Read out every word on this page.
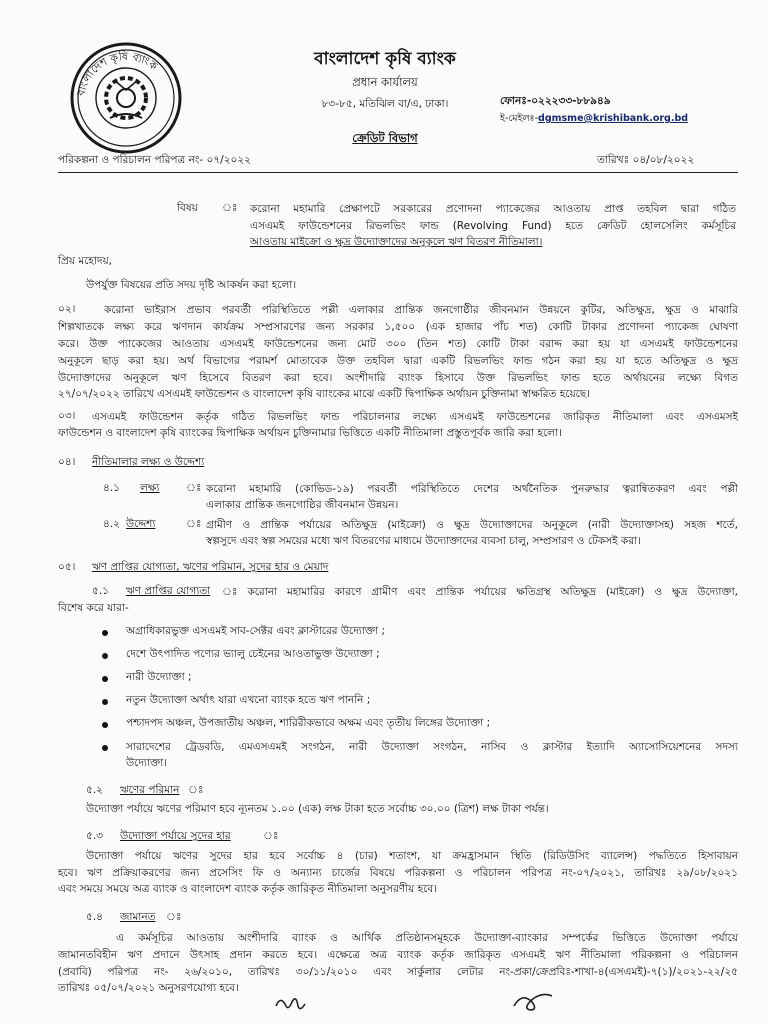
বাংলাদেশ কৃষি ব্যাংক	বাংলাদেশ কৃষি ব্যাংক
প্রধান কার্যালয়
৮৩-৮৫, মতিঝিল বা/এ, ঢাকা।	ফোনঃ-০২২২৩৩-৮৮৯৪৯
ই-মেইলঃ-dgmsme@krishibank.org.bd
ক্রেডিট বিভাগ
পরিকল্পনা ও পরিচালন পরিপত্র নং- ০৭/২০২২	তারিখঃ ০৪/০৮/২০২২
বিষয় ঃ করোনা মহামারি প্রেক্ষাপটে সরকারের প্রণোদনা প্যাকেজের আওতায় প্রাপ্ত তহবিল দ্বারা গঠিত
এসএমই ফাউন্ডেশনের রিভলভিং ফান্ড (Revolving Fund) হতে ক্রেডিট হোলসেলিং কর্মসূচির
আওতায় মাইক্রো ও ক্ষুদ্র উদ্যোক্তাদের অনুকূলে ঋণ বিতরণ নীতিমালা।
প্রিয় মহোদয়,
উপর্যুক্ত বিষয়ের প্রতি সদয় দৃষ্টি আকর্ষন করা হলো।
০২।	করোনা ভাইরাস প্রভাব পরবর্তী পরিস্থিতিতে পল্লী এলাকার প্রান্তিক জনগোষ্ঠীর জীবনমান উন্নয়নে কুটির, অতিক্ষুদ্র, ক্ষুদ্র ও মাঝারি
শিল্পখাতকে লক্ষ্য করে ঋণদান কার্যক্রম সম্প্রসারণের জন্য সরকার ১,৫০০ (এক হাজার পাঁচ শত) কোটি টাকার প্রণোদনা প্যাকেজ ঘোষণা
করে। উক্ত প্যাকেজের আওতায় এসএমই ফাউন্ডেশনের জন্য মোট ৩০০ (তিন শত) কোটি টাকা বরাদ্দ করা হয় যা এসএমই ফাউন্ডেশনের
অনুকূলে ছাড় করা হয়। অর্থ বিভাগের পরামর্শ মোতাবেক উক্ত তহবিল দ্বারা একটি রিভলভিং ফান্ড গঠন করা হয় যা হতে অতিক্ষুদ্র ও ক্ষুদ্র
উদ্যোক্তাদের অনুকূলে ঋণ হিসেবে বিতরণ করা হবে। অংশীদারি ব্যাংক হিসাবে উক্ত রিভলভিং ফান্ড হতে অর্থায়নের লক্ষ্যে বিগত
২৭/০৭/২০২২ তারিখে এসএমই ফাউন্ডেশন ও বাংলাদেশ কৃষি ব্যাংকের মাঝে একটি দ্বিপাক্ষিক অর্থায়ন চুক্তিনামা স্বাক্ষরিত হয়েছে।
০৩। এসএমই ফাউন্ডেশন কর্তৃক গঠিত রিভলভিং ফান্ড পরিচালনার লক্ষ্যে এসএমই ফাউন্ডেশনের জারিকৃত নীতিমালা এবং এসএমসই
ফাউন্ডেশন ও বাংলাদেশ কৃষি ব্যাংকের দ্বিপাক্ষিক অর্থায়ন চুক্তিনামার ভিত্তিতে একটি নীতিমালা প্রস্তুতপূর্বক জারি করা হলো।
০৪। নীতিমালার লক্ষ্য ও উদ্দেশ্য
৪.১ লক্ষ্য	ঃ করোনা মহামারি (কোভিড-১৯) পরবর্তী পরিস্থিতিতে দেশের অর্থনৈতিক পুনরুদ্ধার ত্বরান্বিতকরণ এবং পল্লী
এলাকার প্রান্তিক জনগোষ্ঠির জীবনমান উন্নয়ন।
৪.২ উদ্দেশ্য	ঃ গ্রামীণ ও প্রান্তিক পর্যায়ের অতিক্ষুদ্র (মাইক্রো) ও ক্ষুদ্র উদ্যোক্তাদের অনুকূলে (নারী উদ্যোক্তাসহ) সহজ শর্তে,
স্বল্পসুদে এবং স্বল্প সময়ের মধ্যে ঋণ বিতরণের মাধ্যমে উদ্যোক্তাদের ব্যবসা চালু, সম্প্রসারণ ও টেকসই করা।
০৫। ঋণ প্রাপ্তির যোগ্যতা, ঋণের পরিমান, সুদের হার ও মেয়াদ
৫.১ ঋণ প্রাপ্তির যোগ্যতা ঃ করোনা মহামারির কারণে গ্রামীণ এবং প্রান্তিক পর্যায়ের ক্ষতিগ্রস্থ অতিক্ষুদ্র (মাইক্রো) ও ক্ষুদ্র উদ্যোক্তা,
বিশেষ করে যারা-
অগ্রাধিকারভুক্ত এসএমই সাব-সেক্টর এবং ক্লাস্টারের উদ্যোক্তা ;
দেশে উৎপাদিত পণ্যের ভ্যালু চেইনের আওতাভুক্ত উদ্যোক্তা ;
নারী উদ্যোক্তা ;
নতুন উদ্যোক্তা অর্থাৎ যারা এখনো ব্যাংক হতে ঋণ পাননি ;
পশ্চাদপদ অঞ্চল, উপজাতীয় অঞ্চল, শারিরীকভাবে অক্ষম এবং তৃতীয় লিঙ্গের উদ্যোক্তা ;
সারাদেশের ট্রেডবডি, এমএসএমই সংগঠন, নারী উদ্যোক্তা সংগঠন, নাসিব ও ক্লাস্টার ইত্যাদি অ্যাসোসিয়েশনের সদস্য
উদ্যোক্তা।
৫.২ ঋণের পরিমান ঃ
উদ্যোক্তা পর্যায়ে ঋণের পরিমাণ হবে ন্যূনতম ১.০০ (এক) লক্ষ টাকা হতে সর্বোচ্চ ৩০.০০ (ত্রিশ) লক্ষ টাকা পর্যন্ত।
৫.৩ উদ্যোক্তা পর্যায়ে সুদের হার	ঃ
উদ্যোক্তা পর্যায়ে ঋণের সুদের হার হবে সর্বোচ্চ ৪ (চার) শতাংশ, যা ক্রমহ্রাসমান স্থিতি (রিডিউসিং ব্যালেন্স) পদ্ধতিতে হিসাবায়ন
হবে। ঋণ প্রক্রিয়াকরণের জন্য প্রসেসিং ফি ও অন্যান্য চার্জের বিষয়ে পরিকল্পনা ও পরিচালন পরিপত্র নং-০৭/২০২১, তারিখঃ ২৯/০৮/২০২১
এবং সময়ে সময়ে অত্র ব্যাংক ও বাংলাদেশ ব্যাংক কর্তৃক জারিকৃত নীতিমালা অনুসরণীয় হবে।
৫.৪ জামানত ঃ
এ কর্মসূচির আওতায় অংশীদারি ব্যাংক ও আর্থিক প্রতিষ্ঠানসমূহকে উদ্যোক্তা-ব্যাংকার সম্পর্কের ভিত্তিতে উদ্যোক্তা পর্যায়ে
জামানতবিহীন ঋণ প্রদানে উৎসাহ প্রদান করতে হবে। এক্ষেত্রে অত্র ব্যাংক কর্তৃক জারিকৃত এসএমই ঋণ নীতিমালা পরিকল্পনা ও পরিচালন
(প্রবাবি) পরিপত্র নং- ২৬/২০১০, তারিখঃ ৩০/১১/২০১০ এবং সার্কুলার লেটার নং-প্রকা/ক্রেপ্রবিঃ-শাখা-৪(এসএমই)-৭(১)/২০২১-২২/২৫
তারিখঃ ০৫/০৭/২০২১ অনুসরণযোগ্য হবে।
